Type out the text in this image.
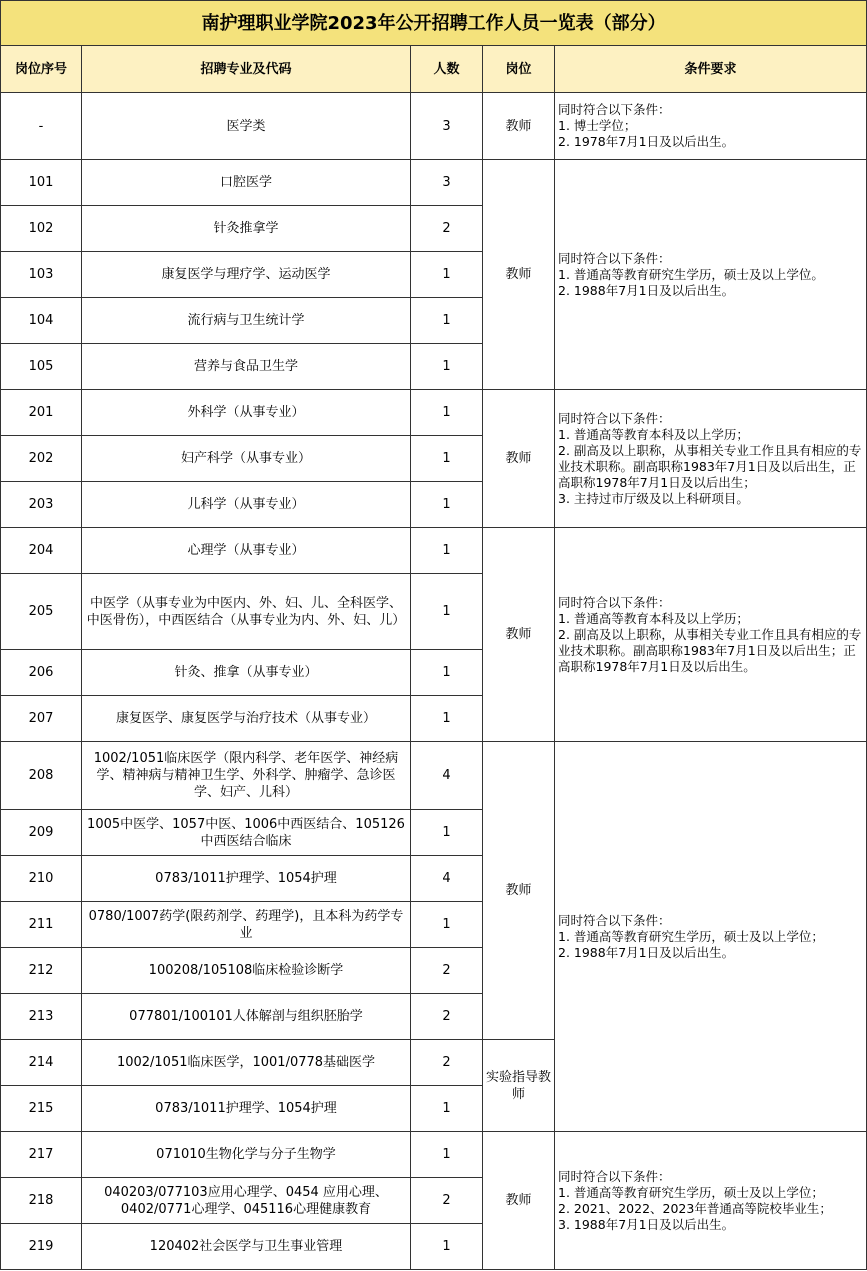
南护理职业学院2023年公开招聘工作人员一览表（部分）				
岗位序号	招聘专业及代码	人数	岗位	条件要求
-	医学类	3	教师	同时符合以下条件：
1. 博士学位；
2. 1978年7月1日及以后出生。

101	口腔医学	3	教师	同时符合以下条件：
1. 普通高等教育研究生学历，硕士及以上学位。
2. 1988年7月1日及以后出生。

102	针灸推拿学	2		
103	康复医学与理疗学、运动医学	1		
104	流行病与卫生统计学	1		
105	营养与食品卫生学	1		
201	外科学（从事专业）	1	教师	同时符合以下条件：
1. 普通高等教育本科及以上学历；
2. 副高及以上职称，从事相关专业工作且具有相应的专业技术职称。副高职称1983年7月1日及以后出生，正高职称1978年7月1日及以后出生；
3. 主持过市厅级及以上科研项目。

202	妇产科学（从事专业）	1		
203	儿科学（从事专业）	1		
204	心理学（从事专业）	1	教师	同时符合以下条件：
1. 普通高等教育本科及以上学历；
2. 副高及以上职称，从事相关专业工作且具有相应的专业技术职称。副高职称1983年7月1日及以后出生；正高职称1978年7月1日及以后出生。

205	中医学（从事专业为中医内、外、妇、儿、全科医学、中医骨伤），中西医结合（从事专业为内、外、妇、儿）	1		
206	针灸、推拿（从事专业）	1		
207	康复医学、康复医学与治疗技术（从事专业）	1		
208	1002/1051临床医学（限内科学、老年医学、神经病学、精神病与精神卫生学、外科学、肿瘤学、急诊医学、妇产、儿科）	4	教师	同时符合以下条件：
1. 普通高等教育研究生学历，硕士及以上学位；
2. 1988年7月1日及以后出生。

209	1005中医学、1057中医、1006中西医结合、105126中西医结合临床	1		
210	0783/1011护理学、1054护理	4		
211	0780/1007药学(限药剂学、药理学)，且本科为药学专业	1		
212	100208/105108临床检验诊断学	2		
213	077801/100101人体解剖与组织胚胎学	2		
214	1002/1051临床医学，1001/0778基础医学	2	实验指导教师	
215	0783/1011护理学、1054护理	1		
217	071010生物化学与分子生物学	1	教师	同时符合以下条件：
1. 普通高等教育研究生学历，硕士及以上学位；
2. 2021、2022、2023年普通高等院校毕业生；
3. 1988年7月1日及以后出生。

218	040203/077103应用心理学、0454 应用心理、0402/0771心理学、045116心理健康教育	2		
219	120402社会医学与卫生事业管理	1		
